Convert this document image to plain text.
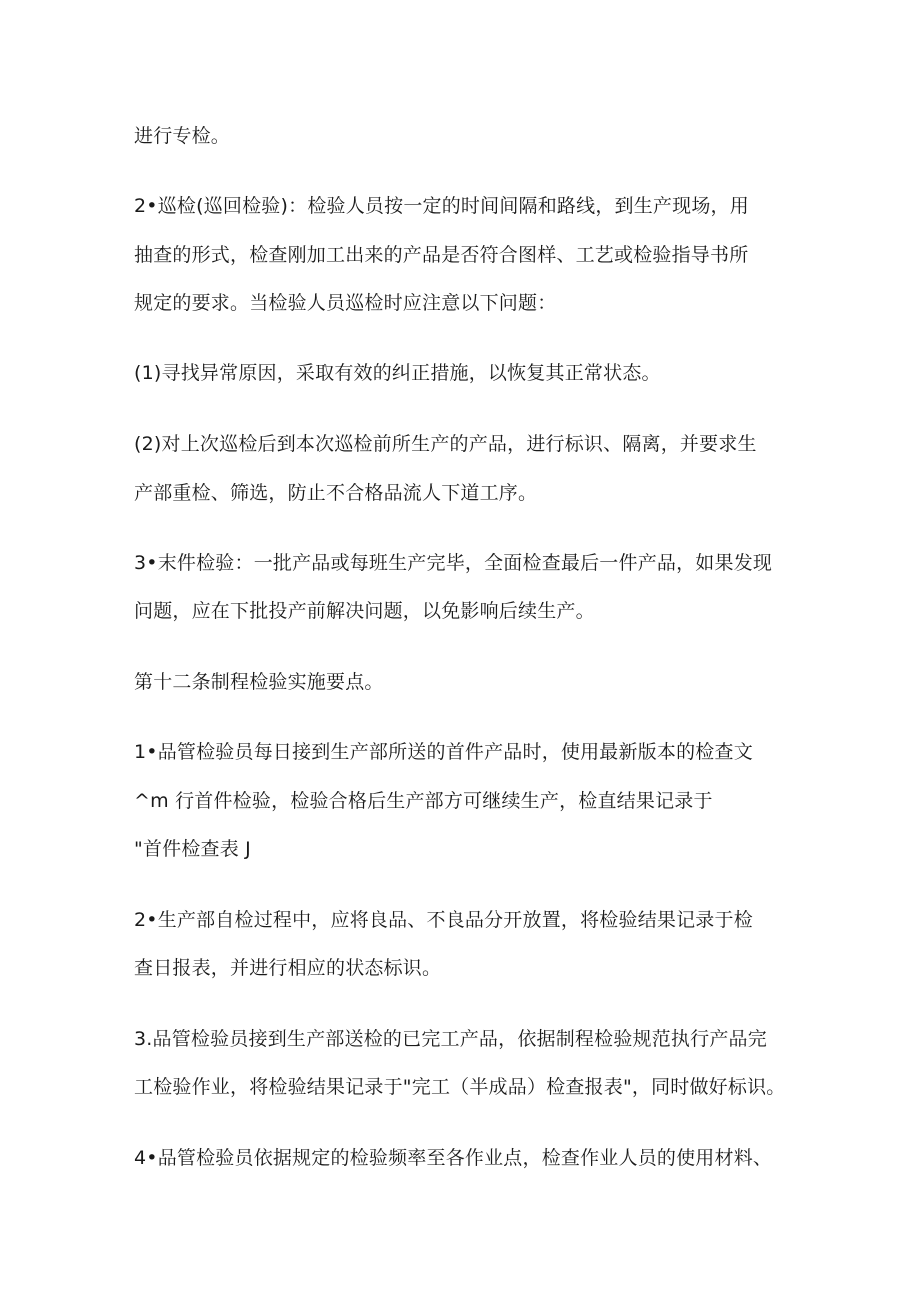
进行专检。
2•巡检(巡回检验)：检验人员按一定的时间间隔和路线，到生产现场，用
抽查的形式，检查刚加工出来的产品是否符合图样、工艺或检验指导书所
规定的要求。当检验人员巡检时应注意以下问题：
(1)寻找异常原因，采取有效的纠正措施，以恢复其正常状态。
(2)对上次巡检后到本次巡检前所生产的产品，进行标识、隔离，并要求生
产部重检、筛选，防止不合格品流人下道工序。
3•末件检验：一批产品或每班生产完毕，全面检查最后一件产品，如果发现
问题，应在下批投产前解决问题，以免影响后续生产。
第十二条制程检验实施要点。
1•品管检验员每日接到生产部所送的首件产品时，使用最新版本的检查文
^m 行首件检验，检验合格后生产部方可继续生产，检直结果记录于
"首件检查表 J
2•生产部自检过程中，应将良品、不良品分开放置，将检验结果记录于检
查日报表，并进行相应的状态标识。
3.品管检验员接到生产部送检的已完工产品，依据制程检验规范执行产品完
工检验作业，将检验结果记录于"完工（半成品）检查报表"，同时做好标识。
4•品管检验员依据规定的检验频率至各作业点，检查作业人员的使用材料、
